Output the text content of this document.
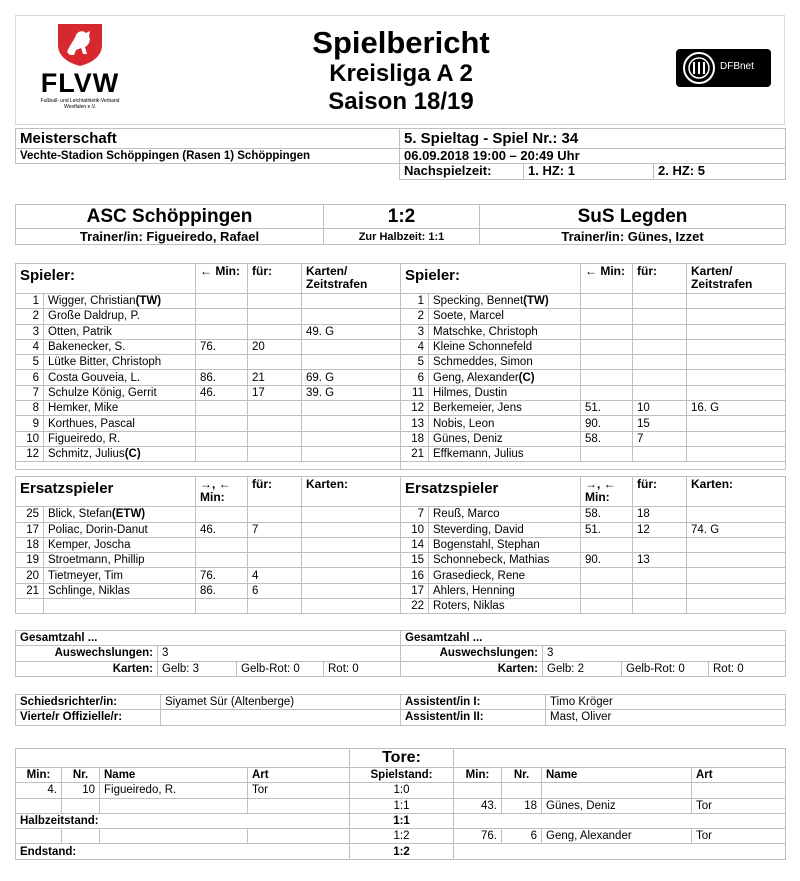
FLVW
Fußball- und Leichtathletik-Verband Westfalen e.V.
Spielbericht
Kreisliga A 2
Saison 18/19
DFBnet
Meisterschaft	5. Spieltag - Spiel Nr.: 34		
Vechte-Stadion Schöppingen (Rasen 1) Schöppingen	06.09.2018 19:00 – 20:49 Uhr		
	Nachspielzeit:	1. HZ: 1	2. HZ: 5
ASC Schöppingen	1:2	SuS Legden
Trainer/in: Figueiredo, Rafael	Zur Halbzeit: 1:1	Trainer/in: Günes, Izzet
Spieler:		← Min:	für:	Karten/ Zeitstrafen
1	Wigger, Christian(TW)			
2	Große Daldrup, P.			
3	Otten, Patrik			49. G
4	Bakenecker, S.	76.	20	
5	Lütke Bitter, Christoph			
6	Costa Gouveia, L.	86.	21	69. G
7	Schulze König, Gerrit	46.	17	39. G
8	Hemker, Mike			
9	Korthues, Pascal			
10	Figueiredo, R.			
12	Schmitz, Julius(C)			

Ersatzspieler		→, ← Min:	für:	Karten:
25	Blick, Stefan(ETW)			
17	Poliac, Dorin-Danut	46.	7	
18	Kemper, Joscha			
19	Stroetmann, Phillip			
20	Tietmeyer, Tim	76.	4	
21	Schlinge, Niklas	86.	6	

Spieler:		← Min:	für:	Karten/ Zeitstrafen
1	Specking, Bennet(TW)			
2	Soete, Marcel			
3	Matschke, Christoph			
4	Kleine Schonnefeld			
5	Schmeddes, Simon			
6	Geng, Alexander(C)			
11	Hilmes, Dustin			
12	Berkemeier, Jens	51.	10	16. G
13	Nobis, Leon	90.	15	
18	Günes, Deniz	58.	7	
21	Effkemann, Julius			

Ersatzspieler		→, ← Min:	für:	Karten:
7	Reuß, Marco	58.	18	
10	Steverding, David	51.	12	74. G
14	Bogenstahl, Stephan			
15	Schonnebeck, Mathias	90.	13	
16	Grasedieck, Rene			
17	Ahlers, Henning			
22	Roters, Niklas			
Gesamtzahl ...			
Auswechslungen:	3		
Karten:	Gelb: 3	Gelb-Rot: 0	Rot: 0
Gesamtzahl ...			
Auswechslungen:	3		
Karten:	Gelb: 2	Gelb-Rot: 0	Rot: 0
Schiedsrichter/in:	Siyamet Sür (Altenberge)	Assistent/in I:	Timo Kröger
Vierte/r Offizielle/r:		Assistent/in II:	Mast, Oliver
				Tore:				
Min:	Nr.	Name	Art	Spielstand:	Min:	Nr.	Name	Art
4.	10	Figueiredo, R.	Tor	1:0				
				1:1	43.	18	Günes, Deniz	Tor
Halbzeitstand:				1:1				
				1:2	76.	6	Geng, Alexander	Tor
Endstand:				1:2				
